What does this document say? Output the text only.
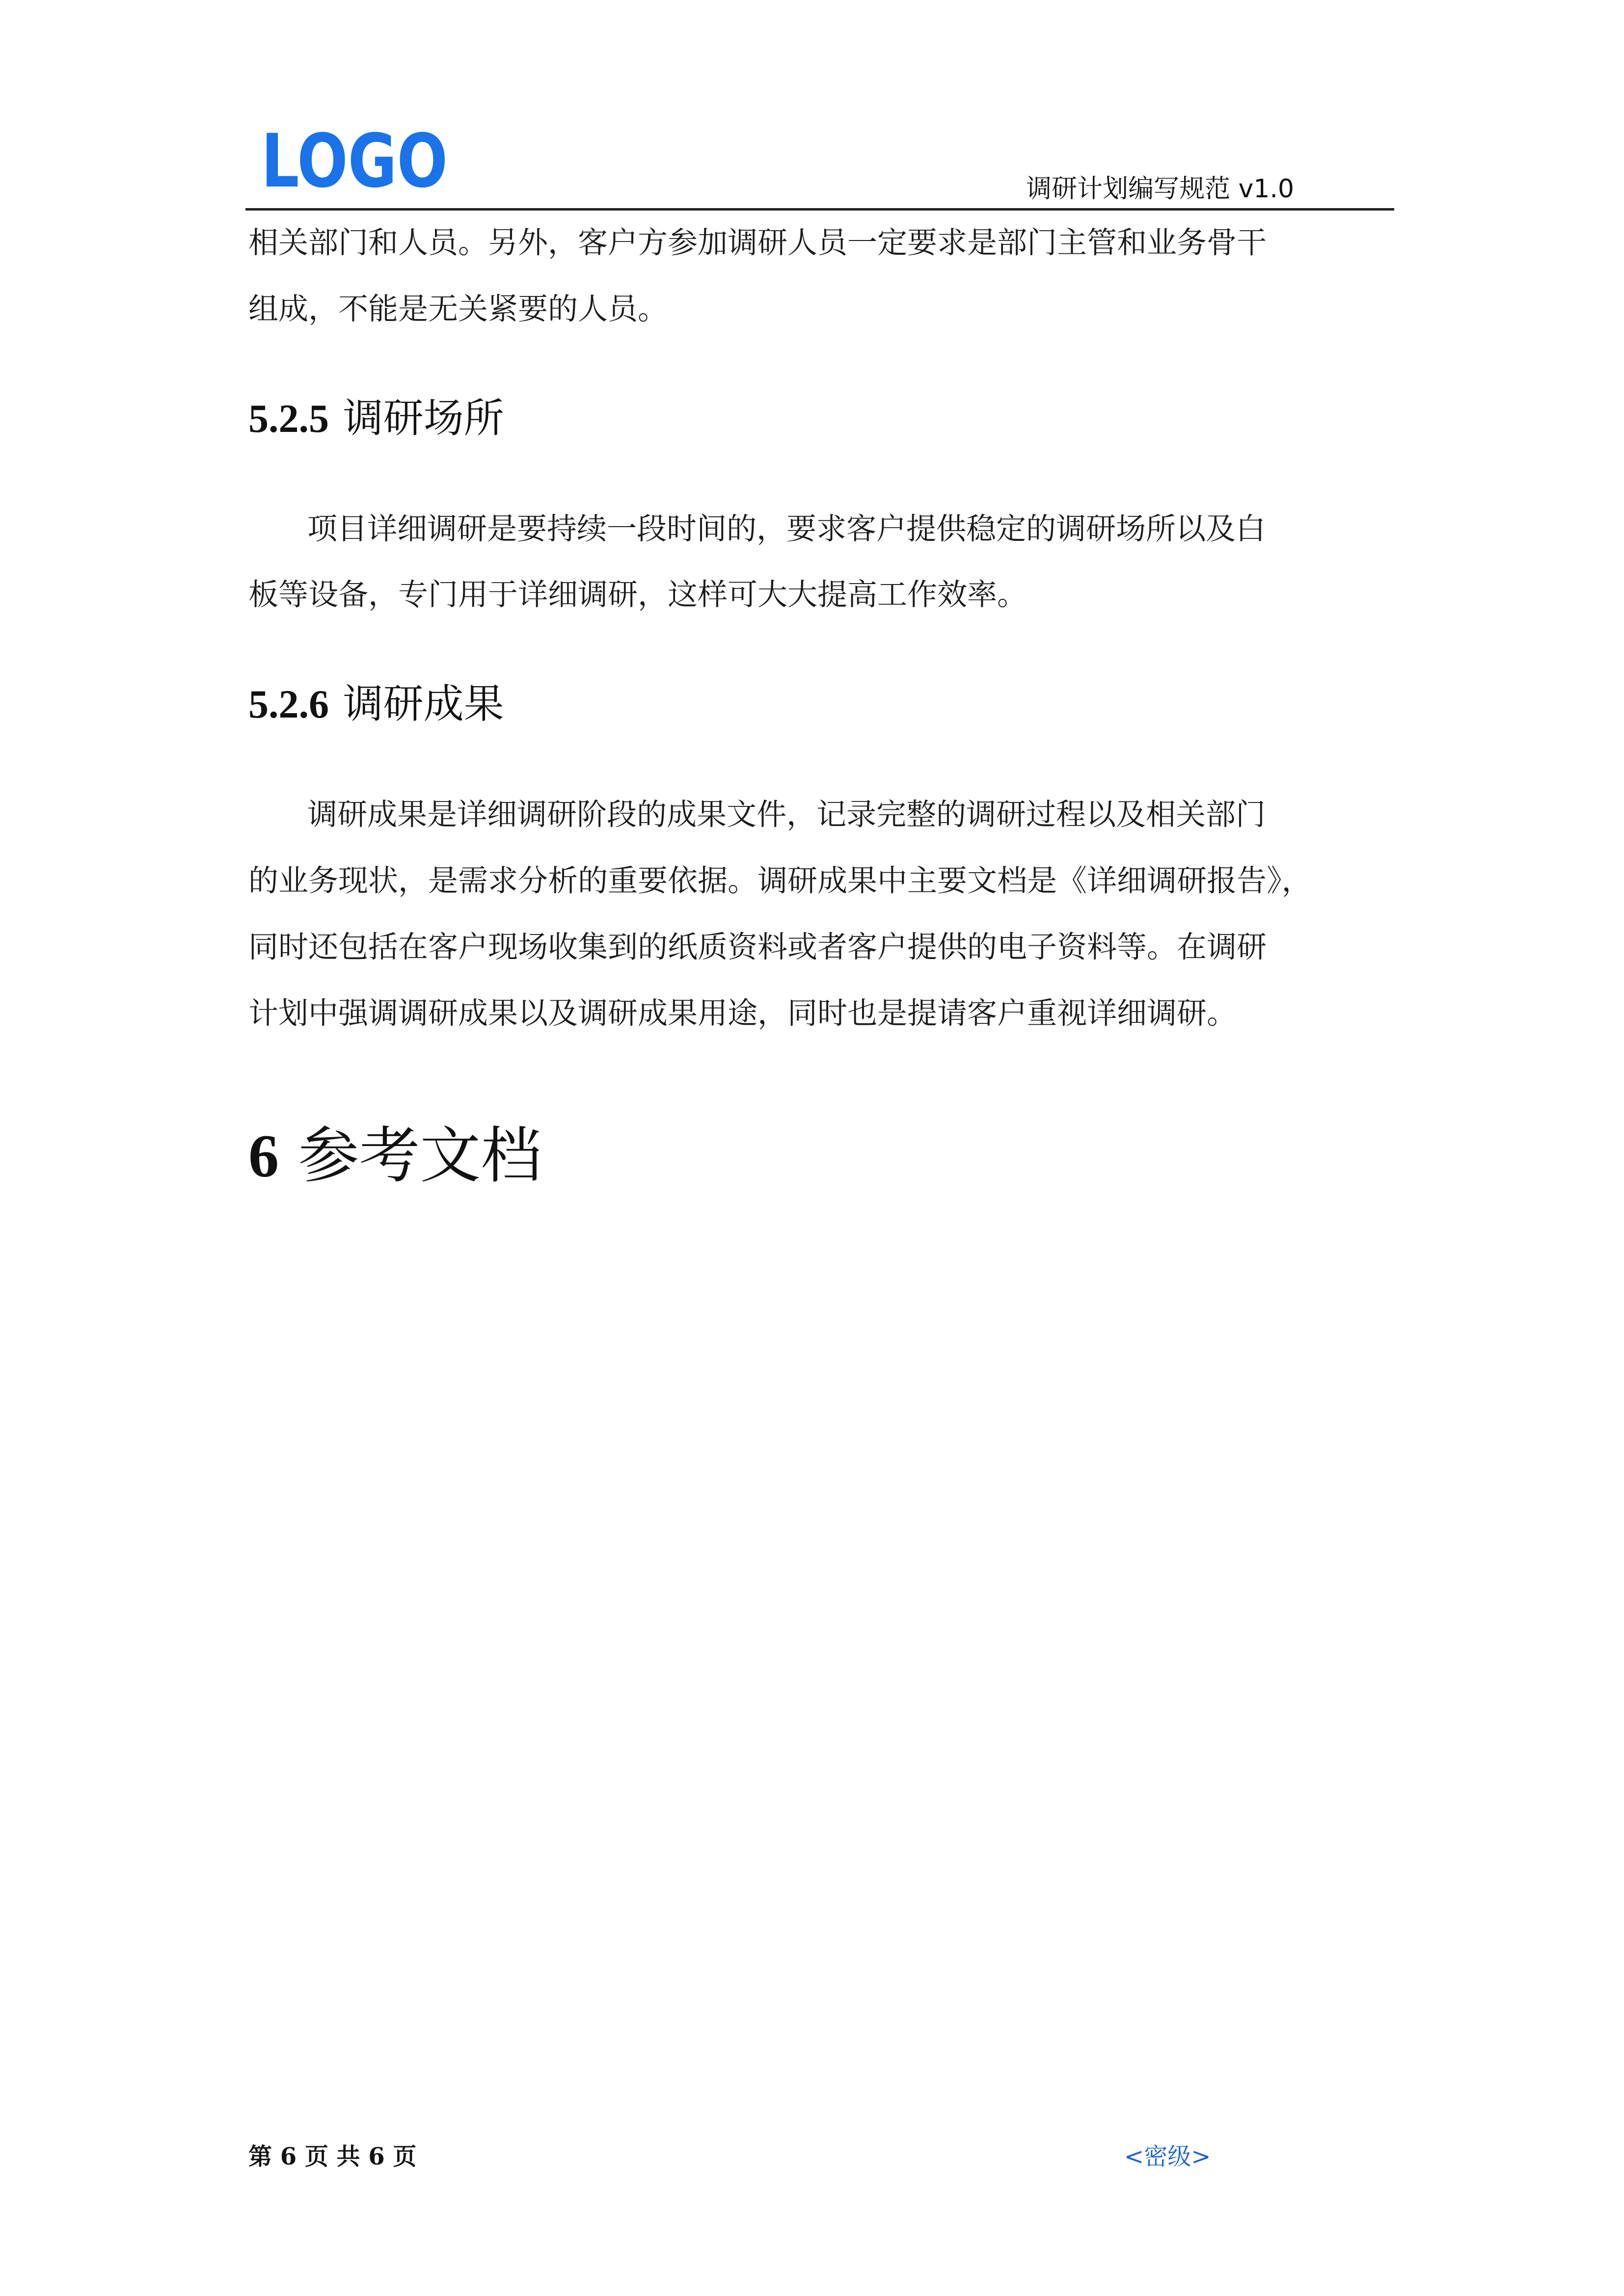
LOGO	调研计划编写规范 v1.0
相关部门和人员。另外，客户方参加调研人员一定要求是部门主管和业务骨干
组成，不能是无关紧要的人员。
5.2.5 调研场所
项目详细调研是要持续一段时间的，要求客户提供稳定的调研场所以及白
板等设备，专门用于详细调研，这样可大大提高工作效率。
5.2.6 调研成果
调研成果是详细调研阶段的成果文件，记录完整的调研过程以及相关部门
的业务现状，是需求分析的重要依据。调研成果中主要文档是《详细调研报告》，
同时还包括在客户现场收集到的纸质资料或者客户提供的电子资料等。在调研
计划中强调调研成果以及调研成果用途，同时也是提请客户重视详细调研。
6 参考文档
第 6 页 共 6 页	<密级>
